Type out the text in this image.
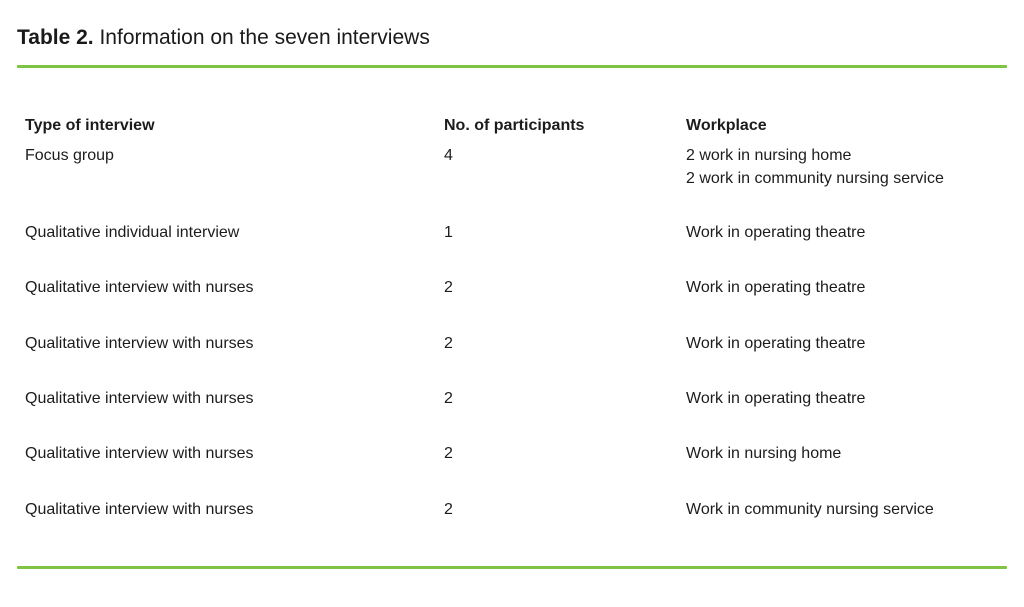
Table 2. Information on the seven interviews
Type of interview	No. of participants	Workplace
Focus group	4	2 work in nursing home
2 work in community nursing service
Qualitative individual interview	1	Work in operating theatre
Qualitative interview with nurses	2	Work in operating theatre
Qualitative interview with nurses	2	Work in operating theatre
Qualitative interview with nurses	2	Work in operating theatre
Qualitative interview with nurses	2	Work in nursing home
Qualitative interview with nurses	2	Work in community nursing service
